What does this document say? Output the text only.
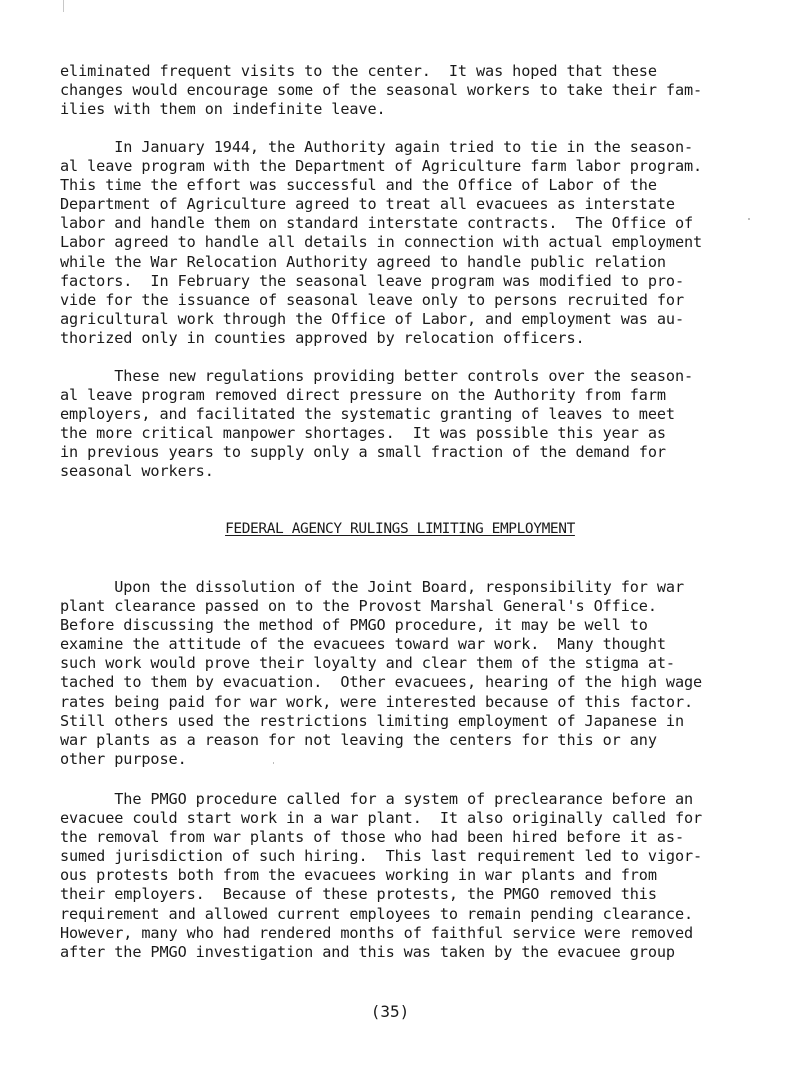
eliminated frequent visits to the center.  It was hoped that these
changes would encourage some of the seasonal workers to take their fam-
ilies with them on indefinite leave.

In January 1944, the Authority again tried to tie in the season-
al leave program with the Department of Agriculture farm labor program.
This time the effort was successful and the Office of Labor of the
Department of Agriculture agreed to treat all evacuees as interstate
labor and handle them on standard interstate contracts.  The Office of
Labor agreed to handle all details in connection with actual employment
while the War Relocation Authority agreed to handle public relation
factors.  In February the seasonal leave program was modified to pro-
vide for the issuance of seasonal leave only to persons recruited for
agricultural work through the Office of Labor, and employment was au-
thorized only in counties approved by relocation officers.

These new regulations providing better controls over the season-
al leave program removed direct pressure on the Authority from farm
employers, and facilitated the systematic granting of leaves to meet
the more critical manpower shortages.  It was possible this year as
in previous years to supply only a small fraction of the demand for
seasonal workers.

FEDERAL AGENCY RULINGS LIMITING EMPLOYMENT

Upon the dissolution of the Joint Board, responsibility for war
plant clearance passed on to the Provost Marshal General's Office.
Before discussing the method of PMGO procedure, it may be well to
examine the attitude of the evacuees toward war work.  Many thought
such work would prove their loyalty and clear them of the stigma at-
tached to them by evacuation.  Other evacuees, hearing of the high wage
rates being paid for war work, were interested because of this factor.
Still others used the restrictions limiting employment of Japanese in
war plants as a reason for not leaving the centers for this or any
other purpose.

The PMGO procedure called for a system of preclearance before an
evacuee could start work in a war plant.  It also originally called for
the removal from war plants of those who had been hired before it as-
sumed jurisdiction of such hiring.  This last requirement led to vigor-
ous protests both from the evacuees working in war plants and from
their employers.  Because of these protests, the PMGO removed this
requirement and allowed current employees to remain pending clearance.
However, many who had rendered months of faithful service were removed
after the PMGO investigation and this was taken by the evacuee group

(35)
